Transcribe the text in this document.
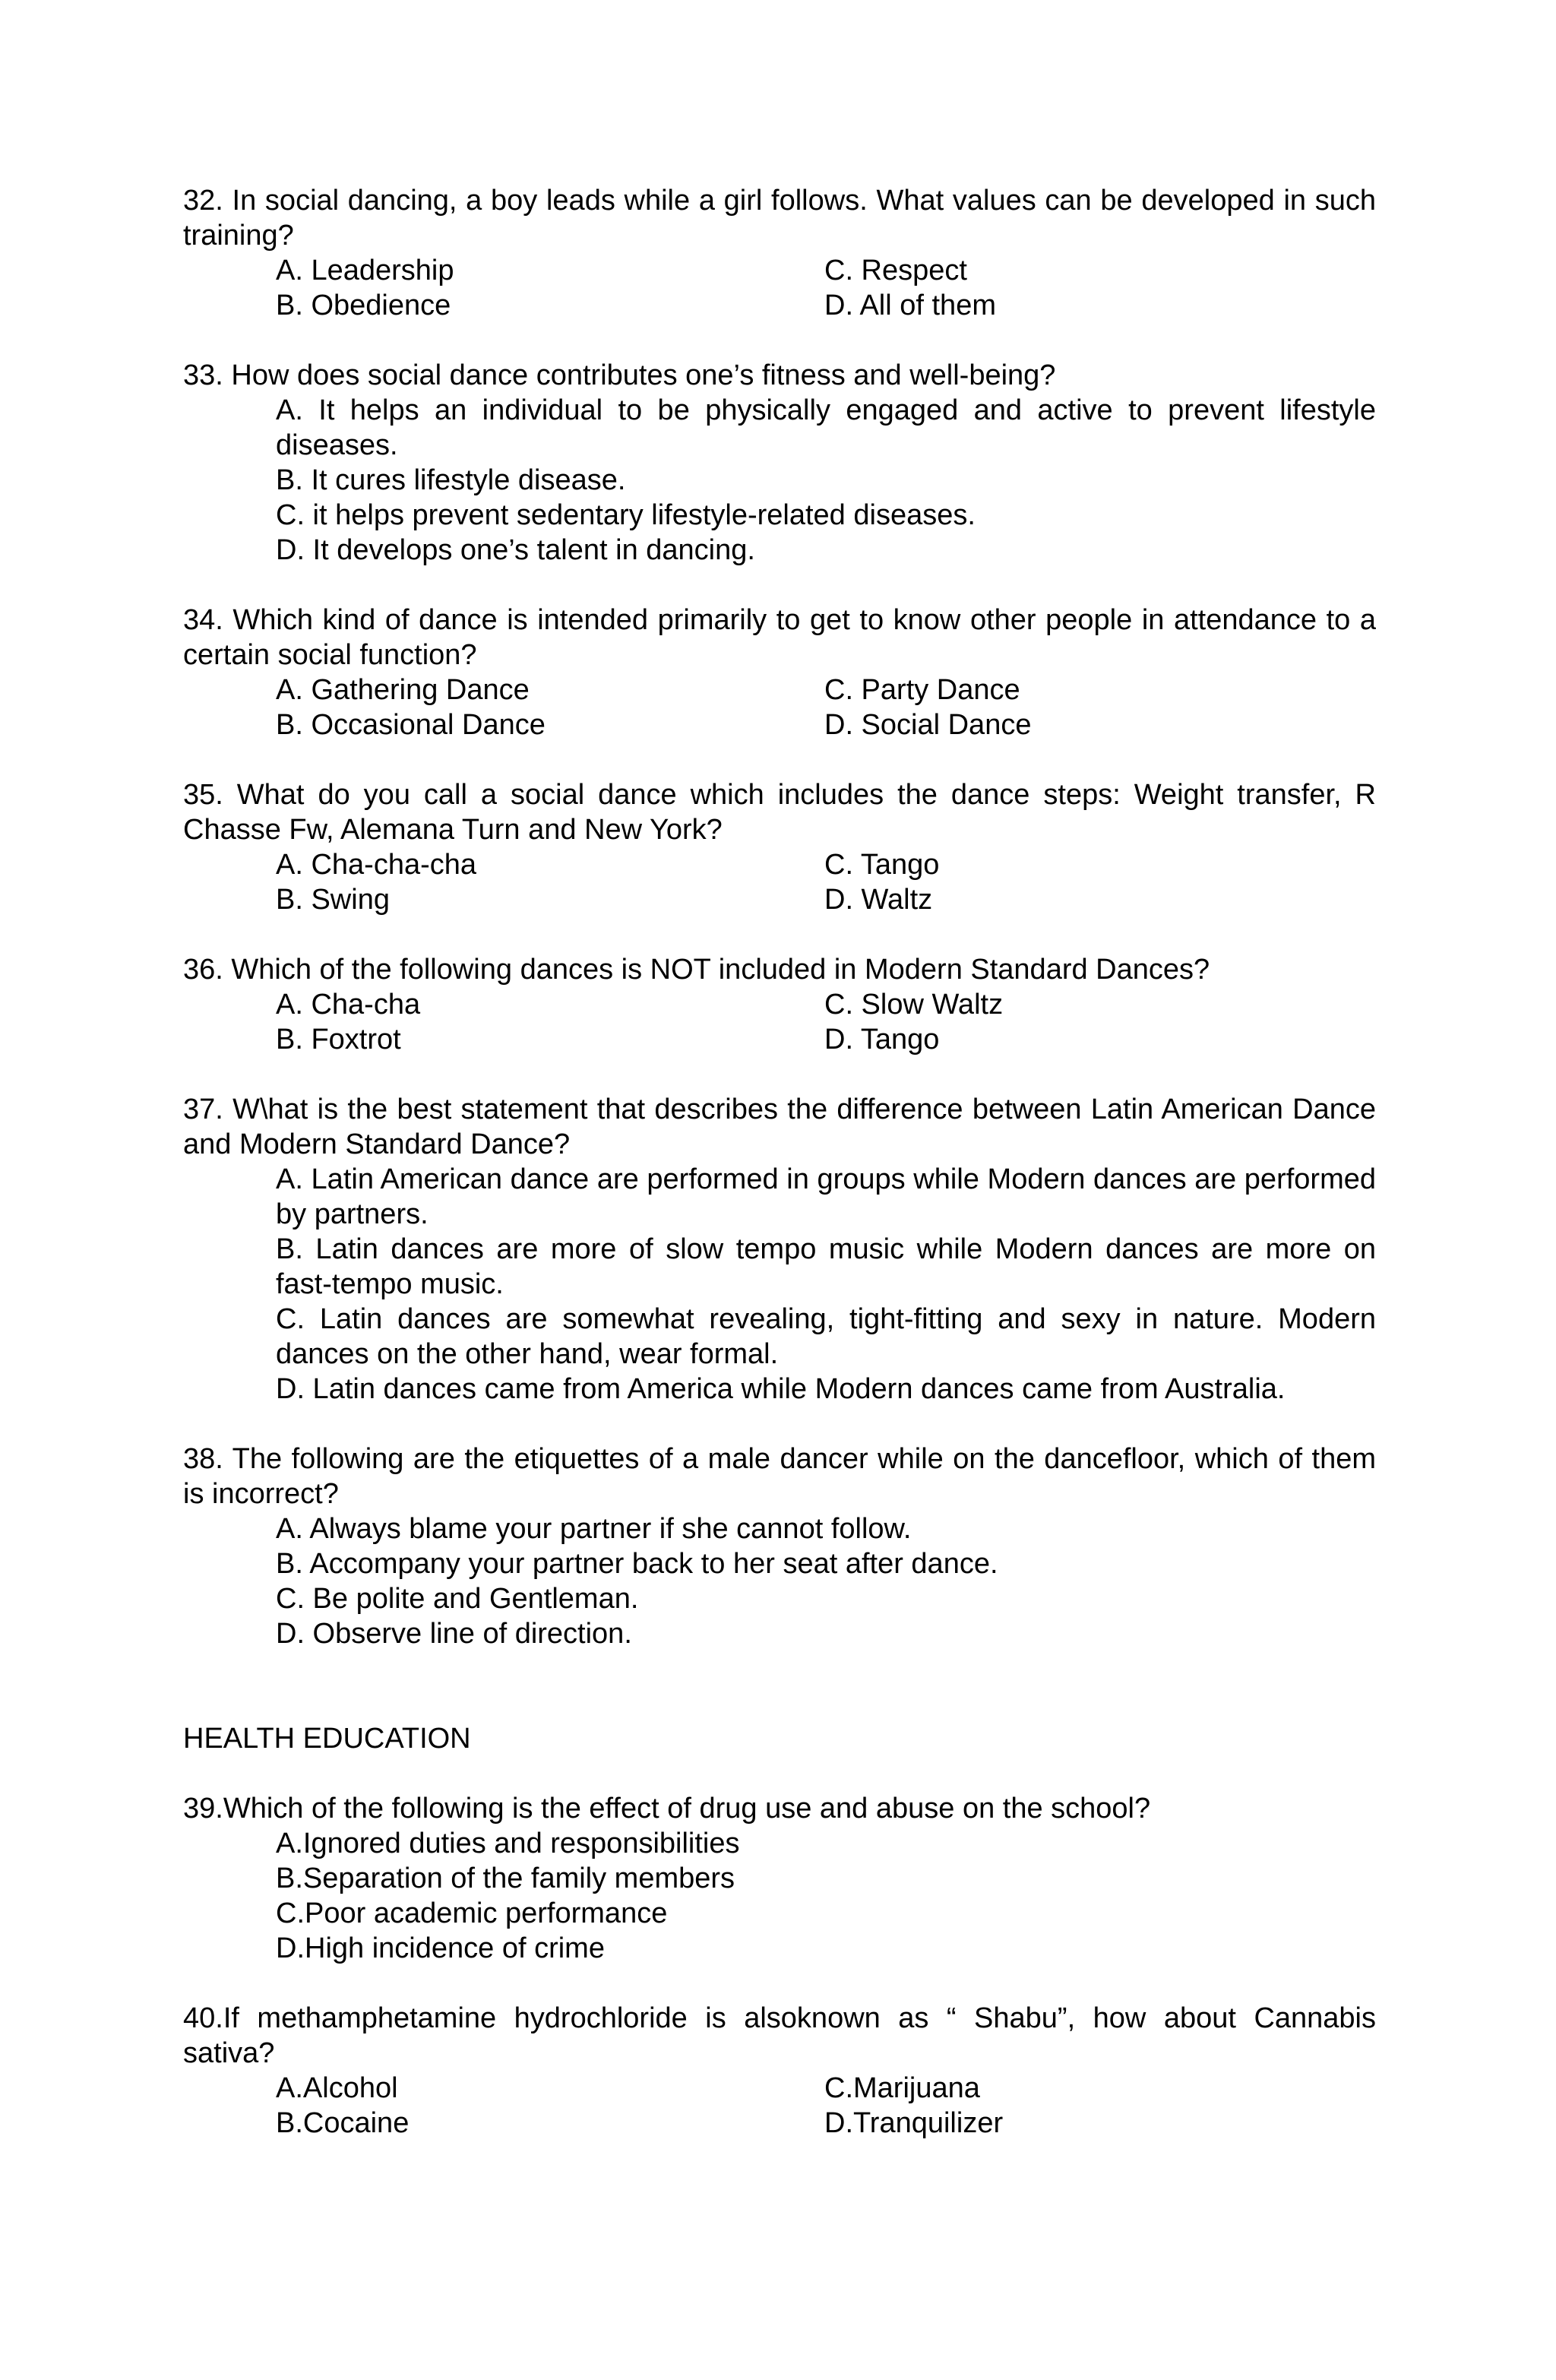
32. In social dancing, a boy leads while a girl follows. What values can be developed in such training?
A. Leadership	C. Respect
B. Obedience	D. All of them
33. How does social dance contributes one’s fitness and well-being?
A. It helps an individual to be physically engaged and active to prevent lifestyle diseases.
B. It cures lifestyle disease.
C. it helps prevent sedentary lifestyle-related diseases.
D. It develops one’s talent in dancing.
34. Which kind of dance is intended primarily to get to know other people in attendance to a certain social function?
A. Gathering Dance	C. Party Dance
B. Occasional Dance	D. Social Dance
35. What do you call a social dance which includes the dance steps: Weight transfer, R Chasse Fw, Alemana Turn and New York?
A. Cha-cha-cha	C. Tango
B. Swing	D. Waltz
36. Which of the following dances is NOT included in Modern Standard Dances?
A. Cha-cha	C. Slow Waltz
B. Foxtrot	D. Tango
37. W\hat is the best statement that describes the difference between Latin American Dance and Modern Standard Dance?
A. Latin American dance are performed in groups while Modern dances are performed by partners.
B. Latin dances are more of slow tempo music while Modern dances are more on fast-tempo music.
C. Latin dances are somewhat revealing, tight-fitting and sexy in nature. Modern dances on the other hand, wear formal.
D. Latin dances came from America while Modern dances came from Australia.
38. The following are the etiquettes of a male dancer while on the dancefloor, which of them is incorrect?
A. Always blame your partner if she cannot follow.
B. Accompany your partner back to her seat after dance.
C. Be polite and Gentleman.
D. Observe line of direction.
HEALTH EDUCATION
39.Which of the following is the effect of drug use and abuse on the school?
A.Ignored duties and responsibilities
B.Separation of the family members
C.Poor academic performance
D.High incidence of crime
40.If methamphetamine hydrochloride is alsoknown as “ Shabu”, how about Cannabis sativa?
A.Alcohol	C.Marijuana
B.Cocaine	D.Tranquilizer
